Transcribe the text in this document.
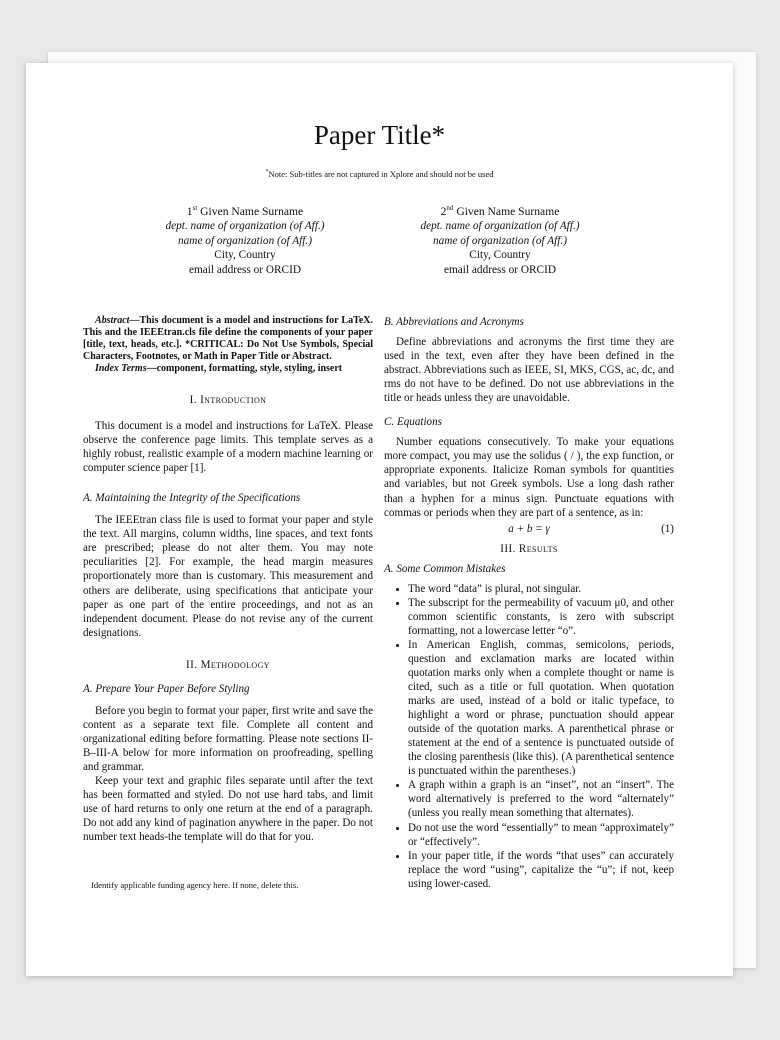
Paper Title*
*Note: Sub-titles are not captured in Xplore and should not be used
1st Given Name Surname
dept. name of organization (of Aff.)
name of organization (of Aff.)
City, Country
email address or ORCID
2nd Given Name Surname
dept. name of organization (of Aff.)
name of organization (of Aff.)
City, Country
email address or ORCID

Abstract—This document is a model and instructions for LaTeX. This and the IEEEtran.cls file define the components of your paper [title, text, heads, etc.]. *CRITICAL: Do Not Use Symbols, Special Characters, Footnotes, or Math in Paper Title or Abstract.

Index Terms—component, formatting, style, styling, insert

I. Introduction

This document is a model and instructions for LaTeX. Please observe the conference page limits. This template serves as a highly robust, realistic example of a modern machine learning or computer science paper [1].

A. Maintaining the Integrity of the Specifications

The IEEEtran class file is used to format your paper and style the text. All margins, column widths, line spaces, and text fonts are prescribed; please do not alter them. You may note peculiarities [2]. For example, the head margin measures proportionately more than is customary. This measurement and others are deliberate, using specifications that anticipate your paper as one part of the entire proceedings, and not as an independent document. Please do not revise any of the current designations.

II. Methodology
A. Prepare Your Paper Before Styling

Before you begin to format your paper, first write and save the content as a separate text file. Complete all content and organizational editing before formatting. Please note sections II-B–III-A below for more information on proofreading, spelling and grammar.

Keep your text and graphic files separate until after the text has been formatted and styled. Do not use hard tabs, and limit use of hard returns to only one return at the end of a paragraph. Do not add any kind of pagination anywhere in the paper. Do not number text heads-the template will do that for you.

B. Abbreviations and Acronyms

Define abbreviations and acronyms the first time they are used in the text, even after they have been defined in the abstract. Abbreviations such as IEEE, SI, MKS, CGS, ac, dc, and rms do not have to be defined. Do not use abbreviations in the title or heads unless they are unavoidable.

C. Equations

Number equations consecutively. To make your equations more compact, you may use the solidus ( / ), the exp function, or appropriate exponents. Italicize Roman symbols for quantities and variables, but not Greek symbols. Use a long dash rather than a hyphen for a minus sign. Punctuate equations with commas or periods when they are part of a sentence, as in:

a + b = γ	(1)
III. Results
A. Some Common Mistakes
• The word “data” is plural, not singular.
• The subscript for the permeability of vacuum μ0, and other common scientific constants, is zero with subscript formatting, not a lowercase letter “o”.
• In American English, commas, semicolons, periods, question and exclamation marks are located within quotation marks only when a complete thought or name is cited, such as a title or full quotation. When quotation marks are used, instead of a bold or italic typeface, to highlight a word or phrase, punctuation should appear outside of the quotation marks. A parenthetical phrase or statement at the end of a sentence is punctuated outside of the closing parenthesis (like this). (A parenthetical sentence is punctuated within the parentheses.)
• A graph within a graph is an “inset”, not an “insert”. The word alternatively is preferred to the word “alternately” (unless you really mean something that alternates).
• Do not use the word “essentially” to mean “approximately” or “effectively”.
• In your paper title, if the words “that uses” can accurately replace the word “using”, capitalize the “u”; if not, keep using lower-cased.
Identify applicable funding agency here. If none, delete this.
